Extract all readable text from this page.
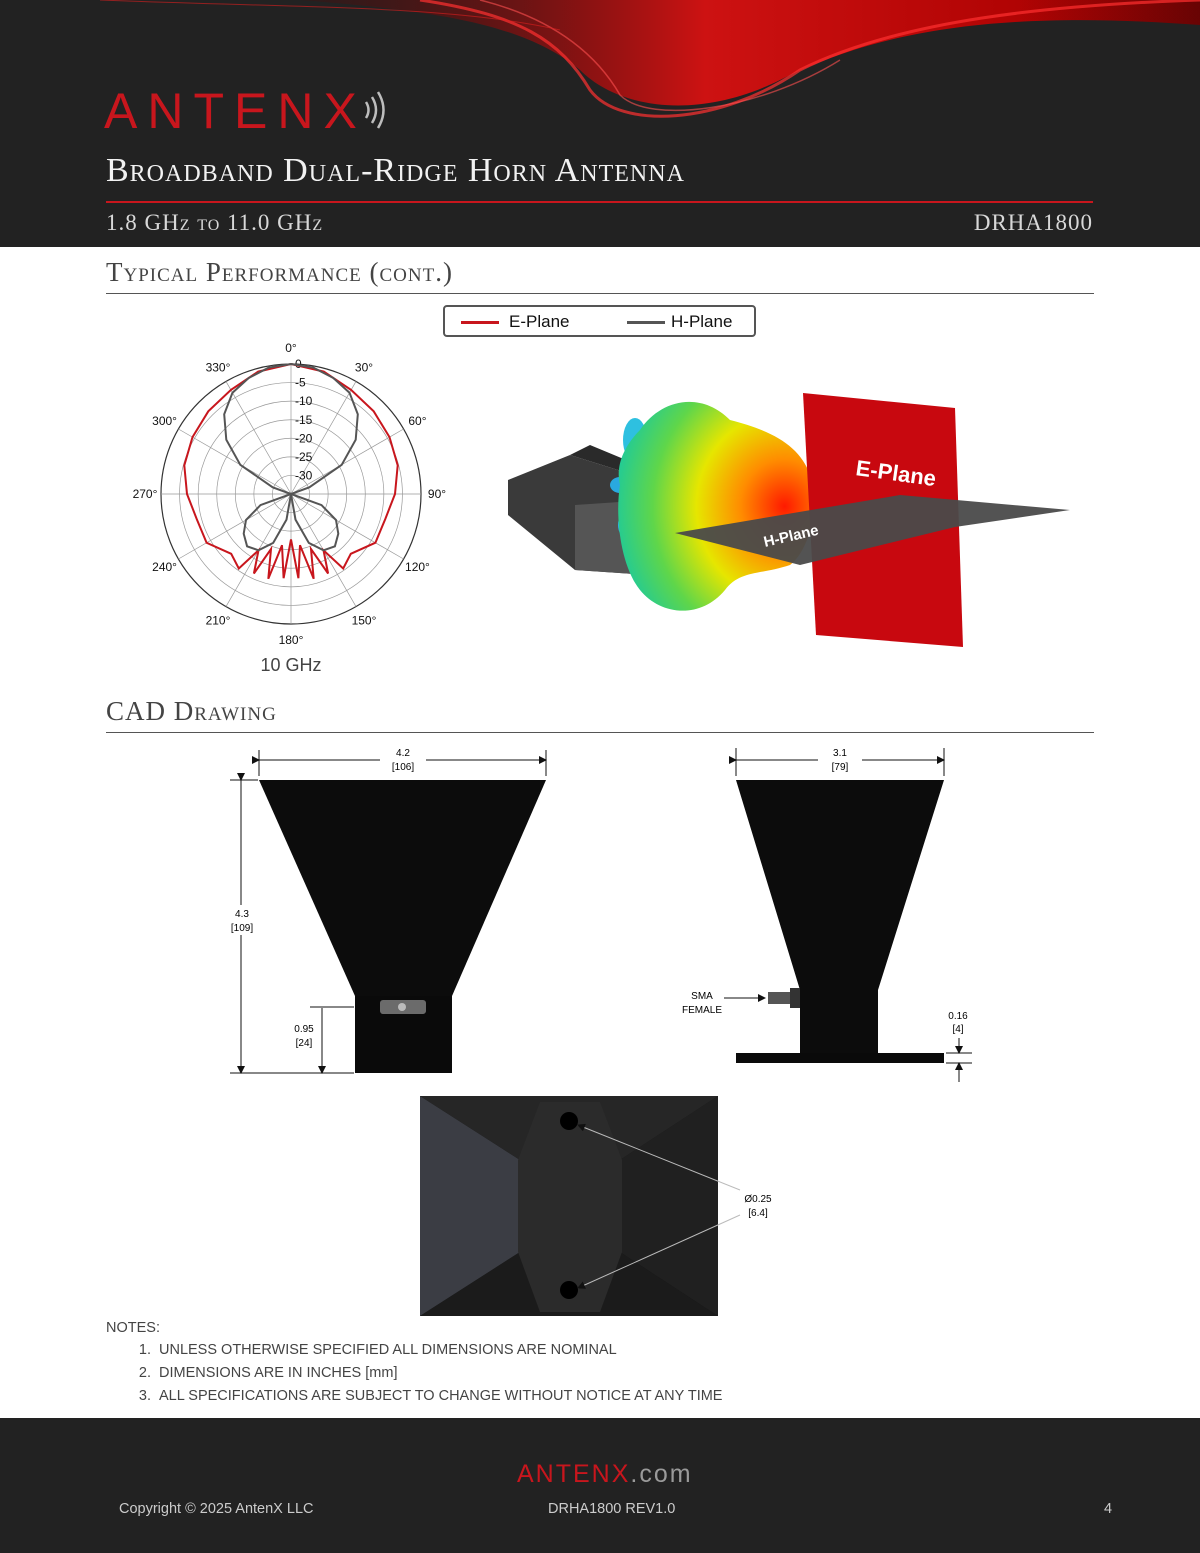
ANTENX
Broadband Dual-Ridge Horn Antenna
1.8 GHz to 11.0 GHz	DRHA1800
Typical Performance (cont.)
E-Plane	H-Plane
0
-5
-10
-15
-20
-25
-30
0°
30°
60°
90°
120°
150°
180°
210°
240°
270°
300°
330°
10 GHz
E-Plane
H-Plane
CAD Drawing
4.2
[106]
4.3
[109]
0.95
[24]
SMA
FEMALE
3.1
[79]
0.16
[4]
Ø0.25
[6.4]
NOTES:
1. UNLESS OTHERWISE SPECIFIED ALL DIMENSIONS ARE NOMINAL
2. DIMENSIONS ARE IN INCHES [mm]
3. ALL SPECIFICATIONS ARE SUBJECT TO CHANGE WITHOUT NOTICE AT ANY TIME
ANTENX.com
Copyright © 2025 AntenX LLC	DRHA1800 REV1.0	4
